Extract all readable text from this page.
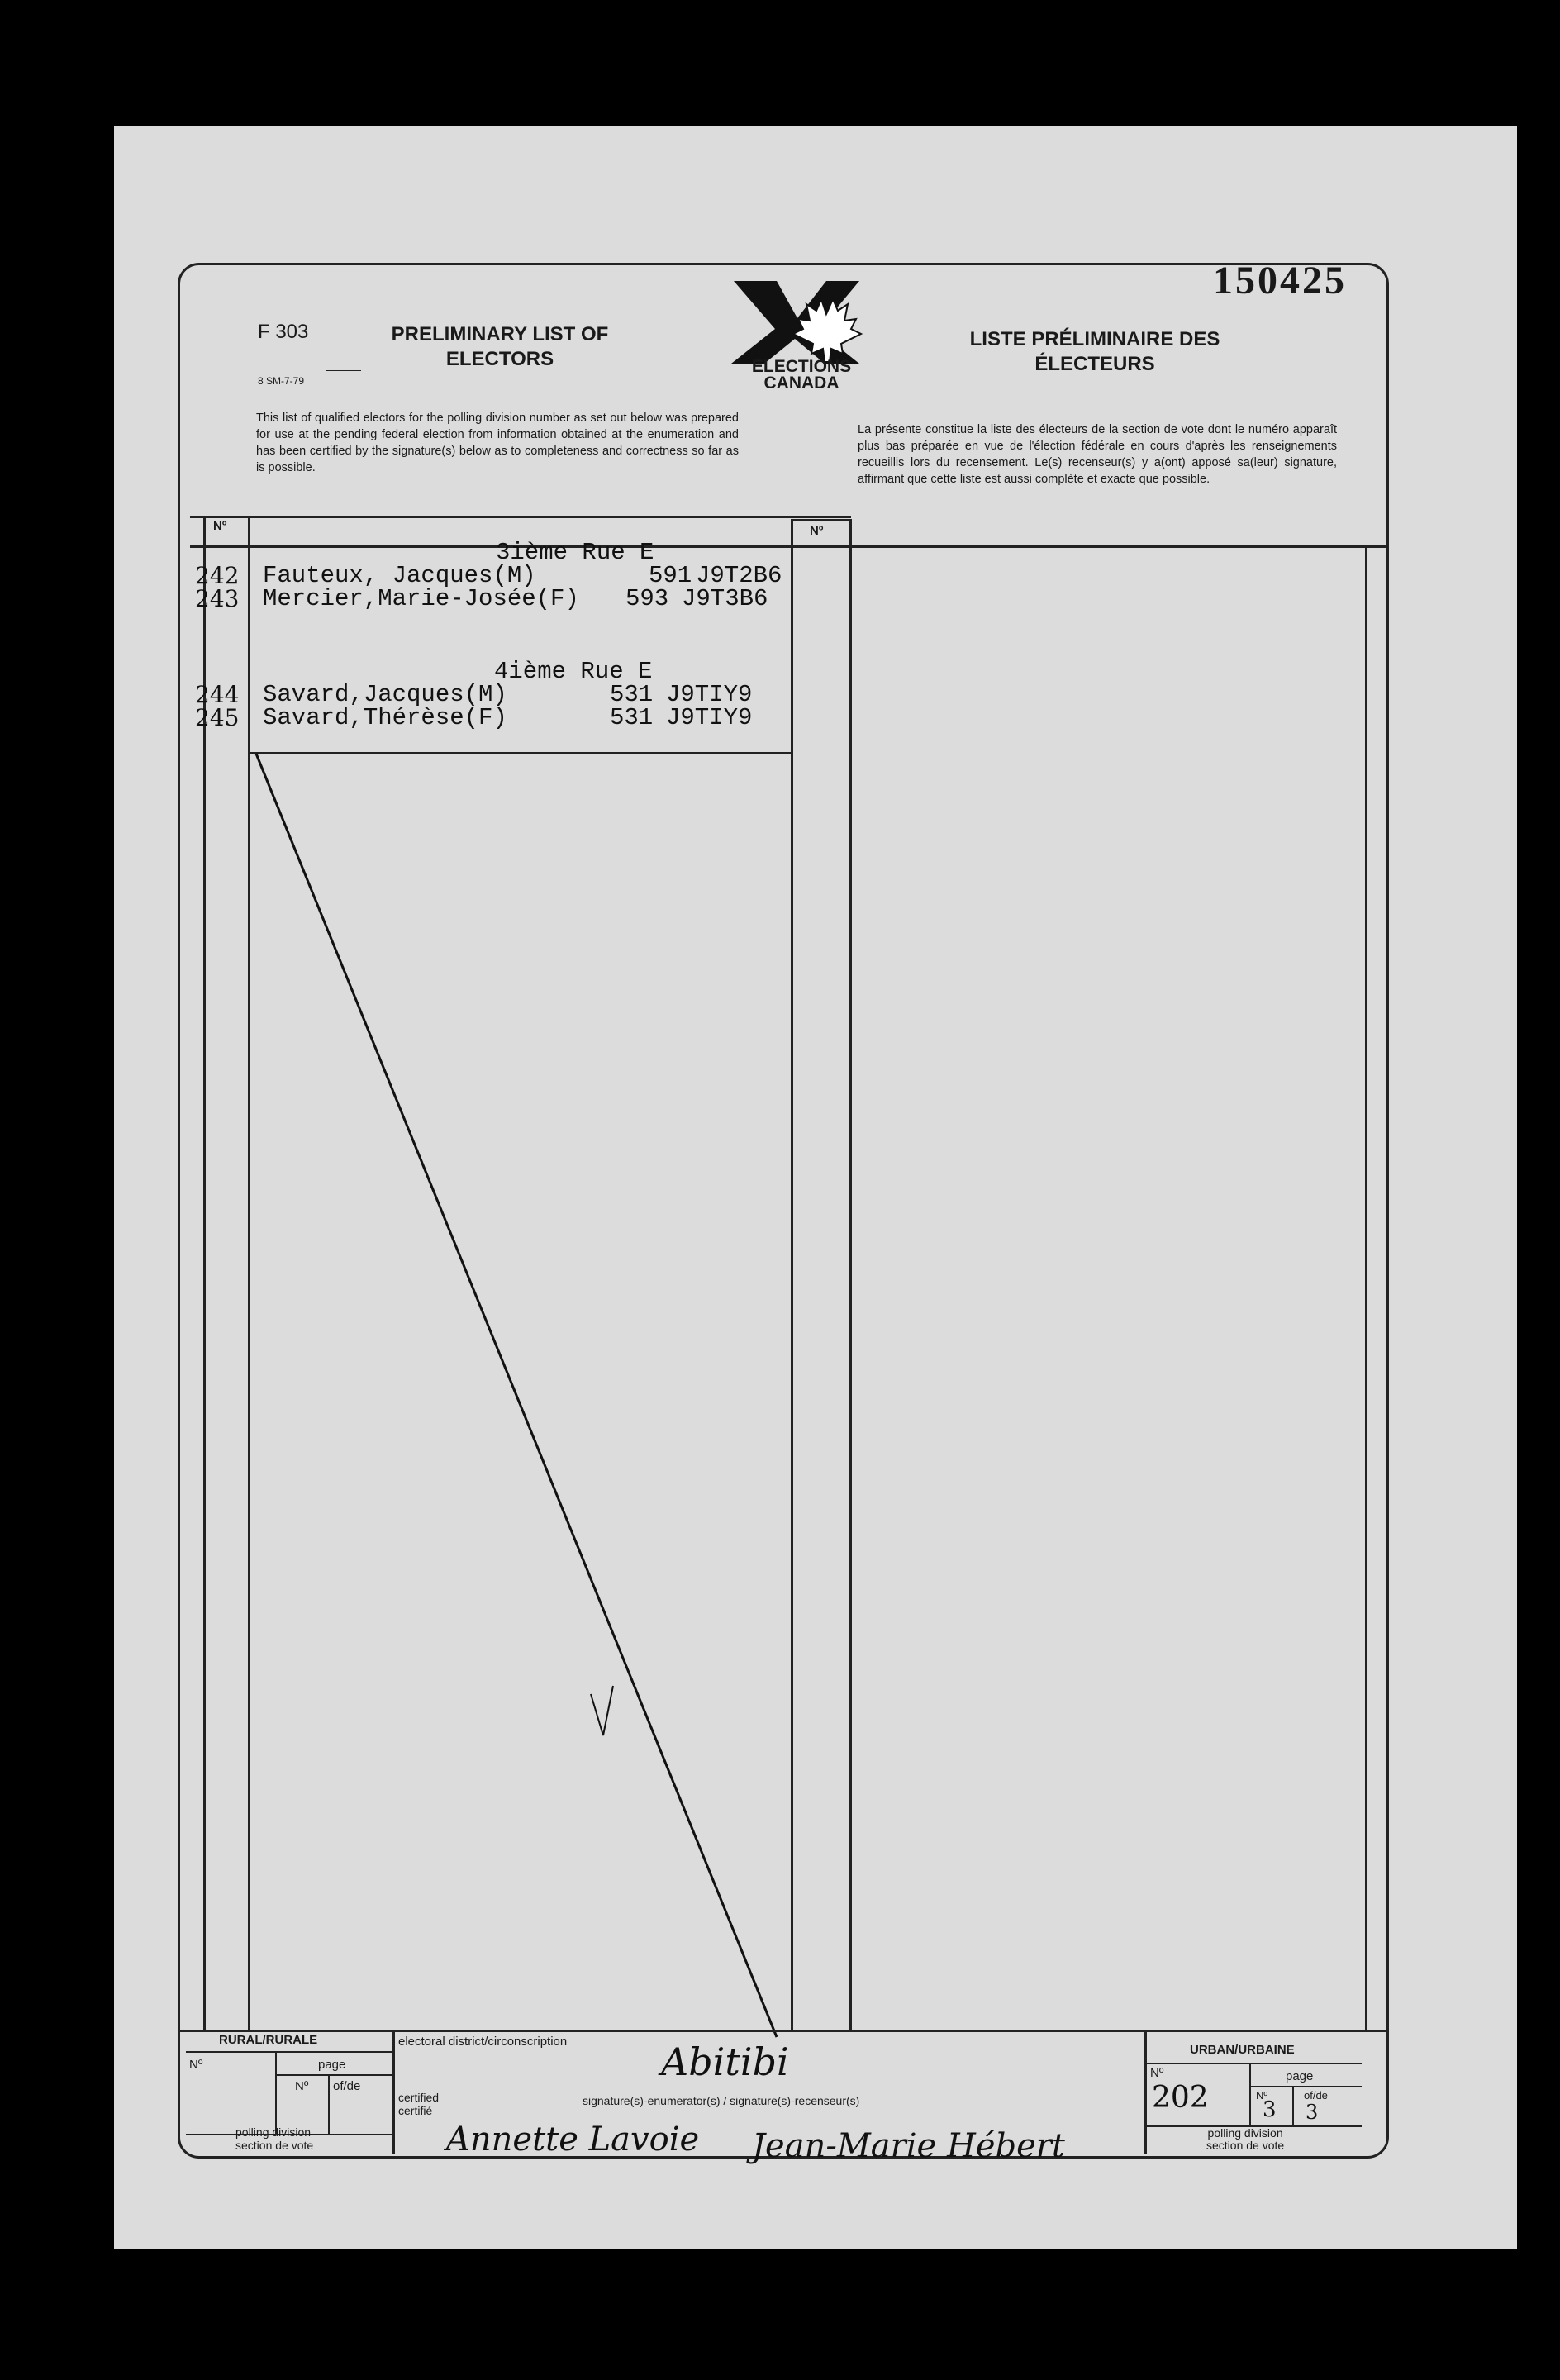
150425
F 303
8 SM-7-79
PRELIMINARY LIST OF
ELECTORS
LISTE PRÉLIMINAIRE DES
ÉLECTEURS
ELECTIONS
CANADA
This list of qualified electors for the polling division number as set out below was prepared for use at the pending federal election from information obtained at the enumeration and has been certified by the signature(s) below as to completeness and correctness so far as is possible.
La présente constitue la liste des électeurs de la section de vote dont le numéro apparaît plus bas préparée en vue de l'élection fédérale en cours d'après les renseignements recueillis lors du recensement. Le(s) recenseur(s) y a(ont) apposé sa(leur) signature, affirmant que cette liste est aussi complète et exacte que possible.
Nº	Nº
3ième Rue E
242 Fauteux, Jacques(M)	591 J9T2B6
243 Mercier,Marie-Josée(F) 593 J9T3B6
4ième Rue E
244 Savard,Jacques(M)	531 J9TIY9
245 Savard,Thérèse(F)	531 J9TIY9
RURAL/RURALE
Nº	page
Nº of/de
polling division
section de vote
electoral district/circonscription Abitibi
certified
certifié
signature(s)-enumerator(s) / signature(s)-recenseur(s)
Annette Lavoie Jean-Marie Hébert
URBAN/URBAINE
Nº
202
page
Nº
3
of/de
3
polling division
section de vote
